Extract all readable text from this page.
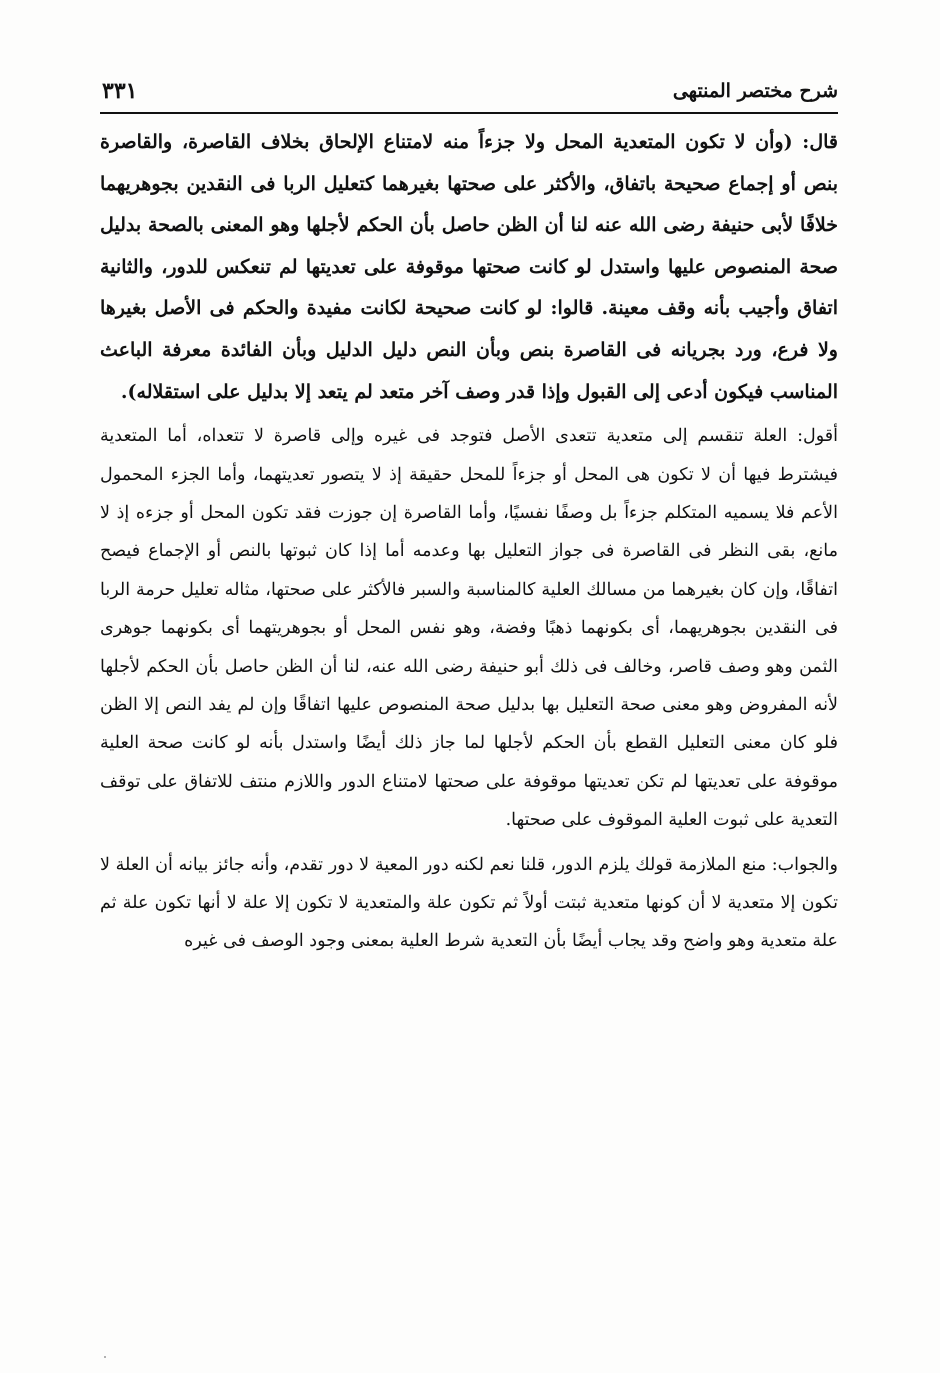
شرح مختصر المنتهى
٣٣١

قال: (وأن لا تكون المتعدية المحل ولا جزءاً منه لامتناع الإلحاق بخلاف القاصرة، والقاصرة بنص أو إجماع صحيحة باتفاق، والأكثر على صحتها بغيرهما كتعليل الربا فى النقدين بجوهريهما خلافًا لأبى حنيفة رضى الله عنه لنا أن الظن حاصل بأن الحكم لأجلها وهو المعنى بالصحة بدليل صحة المنصوص عليها واستدل لو كانت صحتها موقوفة على تعديتها لم تنعكس للدور، والثانية اتفاق وأجيب بأنه وقف معينة. قالوا: لو كانت صحيحة لكانت مفيدة والحكم فى الأصل بغيرها ولا فرع، ورد بجريانه فى القاصرة بنص وبأن النص دليل الدليل وبأن الفائدة معرفة الباعث المناسب فيكون أدعى إلى القبول وإذا قدر وصف آخر متعد لم يتعد إلا بدليل على استقلاله).

أقول: العلة تنقسم إلى متعدية تتعدى الأصل فتوجد فى غيره وإلى قاصرة لا تتعداه، أما المتعدية فيشترط فيها أن لا تكون هى المحل أو جزءاً للمحل حقيقة إذ لا يتصور تعديتهما، وأما الجزء المحمول الأعم فلا يسميه المتكلم جزءاً بل وصفًا نفسيًا، وأما القاصرة إن جوزت فقد تكون المحل أو جزءه إذ لا مانع، بقى النظر فى القاصرة فى جواز التعليل بها وعدمه أما إذا كان ثبوتها بالنص أو الإجماع فيصح اتفاقًا، وإن كان بغيرهما من مسالك العلية كالمناسبة والسبر فالأكثر على صحتها، مثاله تعليل حرمة الربا فى النقدين بجوهريهما، أى بكونهما ذهبًا وفضة، وهو نفس المحل أو بجوهريتهما أى بكونهما جوهرى الثمن وهو وصف قاصر، وخالف فى ذلك أبو حنيفة رضى الله عنه، لنا أن الظن حاصل بأن الحكم لأجلها لأنه المفروض وهو معنى صحة التعليل بها بدليل صحة المنصوص عليها اتفاقًا وإن لم يفد النص إلا الظن فلو كان معنى التعليل القطع بأن الحكم لأجلها لما جاز ذلك أيضًا واستدل بأنه لو كانت صحة العلية موقوفة على تعديتها لم تكن تعديتها موقوفة على صحتها لامتناع الدور واللازم منتف للاتفاق على توقف التعدية على ثبوت العلية الموقوف على صحتها.

والجواب: منع الملازمة قولك يلزم الدور، قلنا نعم لكنه دور المعية لا دور تقدم، وأنه جائز بيانه أن العلة لا تكون إلا متعدية لا أن كونها متعدية ثبتت أولاً ثم تكون علة والمتعدية لا تكون إلا علة لا أنها تكون علة ثم علة متعدية وهو واضح وقد يجاب أيضًا بأن التعدية شرط العلية بمعنى وجود الوصف فى غيره
